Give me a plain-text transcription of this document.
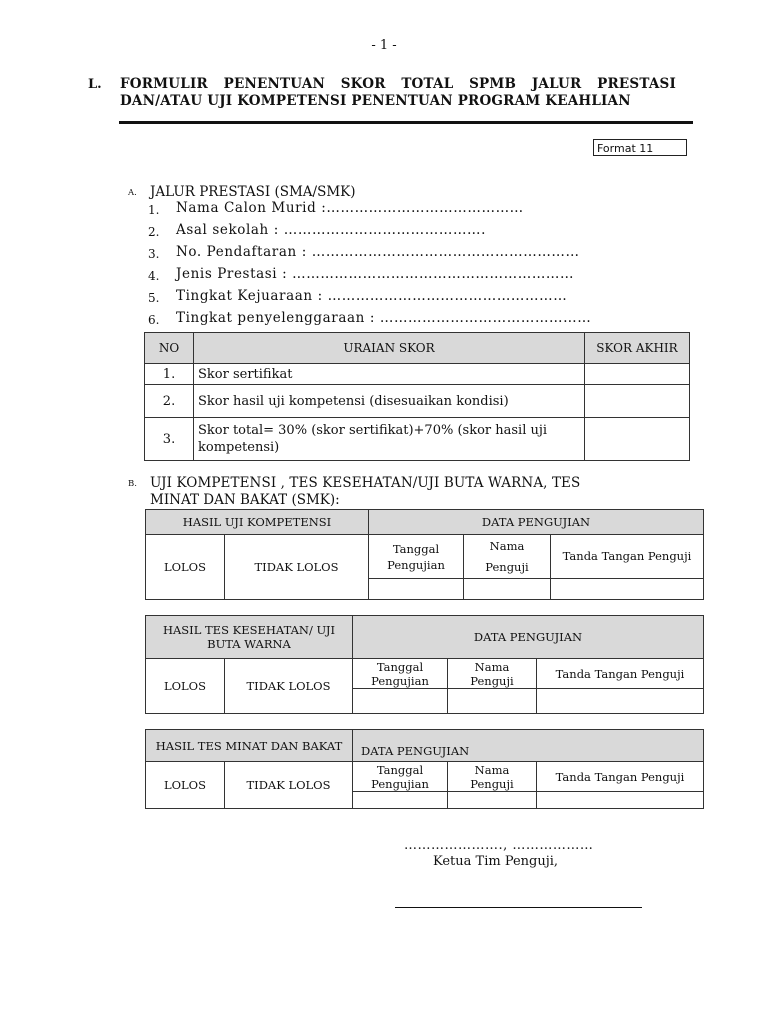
- 1 -
L. FORMULIR PENENTUAN SKOR TOTAL SPMB JALUR PRESTASI
DAN/ATAU UJI KOMPETENSI PENENTUAN PROGRAM KEAHLIAN
Format 11
A. JALUR PRESTASI (SMA/SMK)
1. Nama Calon Murid :……………………………………
2. Asal sekolah : …………………………………….
3. No. Pendaftaran : …………………………………………………
4. Jenis Prestasi : ……………………………………………………
5. Tingkat Kejuaraan : ……………………………………………
6. Tingkat penyelenggaraan : ………………………………………
NO	URAIAN SKOR	SKOR AKHIR
1.	Skor sertifikat	
2.	Skor hasil uji kompetensi (disesuaikan kondisi)	
3.	Skor total= 30% (skor sertifikat)+70% (skor hasil uji kompetensi)	
B. UJI KOMPETENSI , TES KESEHATAN/UJI BUTA WARNA, TES
MINAT DAN BAKAT (SMK):
HASIL UJI KOMPETENSI		DATA PENGUJIAN		
LOLOS	TIDAK LOLOS	Tanggal Pengujian	Nama Penguji	Tanda Tangan Penguji

HASIL TES KESEHATAN/ UJI BUTA WARNA		DATA PENGUJIAN		
LOLOS	TIDAK LOLOS	Tanggal Pengujian	Nama Penguji	Tanda Tangan Penguji

HASIL TES MINAT DAN BAKAT		DATA PENGUJIAN		
LOLOS	TIDAK LOLOS	Tanggal Pengujian	Nama Penguji	Tanda Tangan Penguji

…………………., ………………
Ketua Tim Penguji,
